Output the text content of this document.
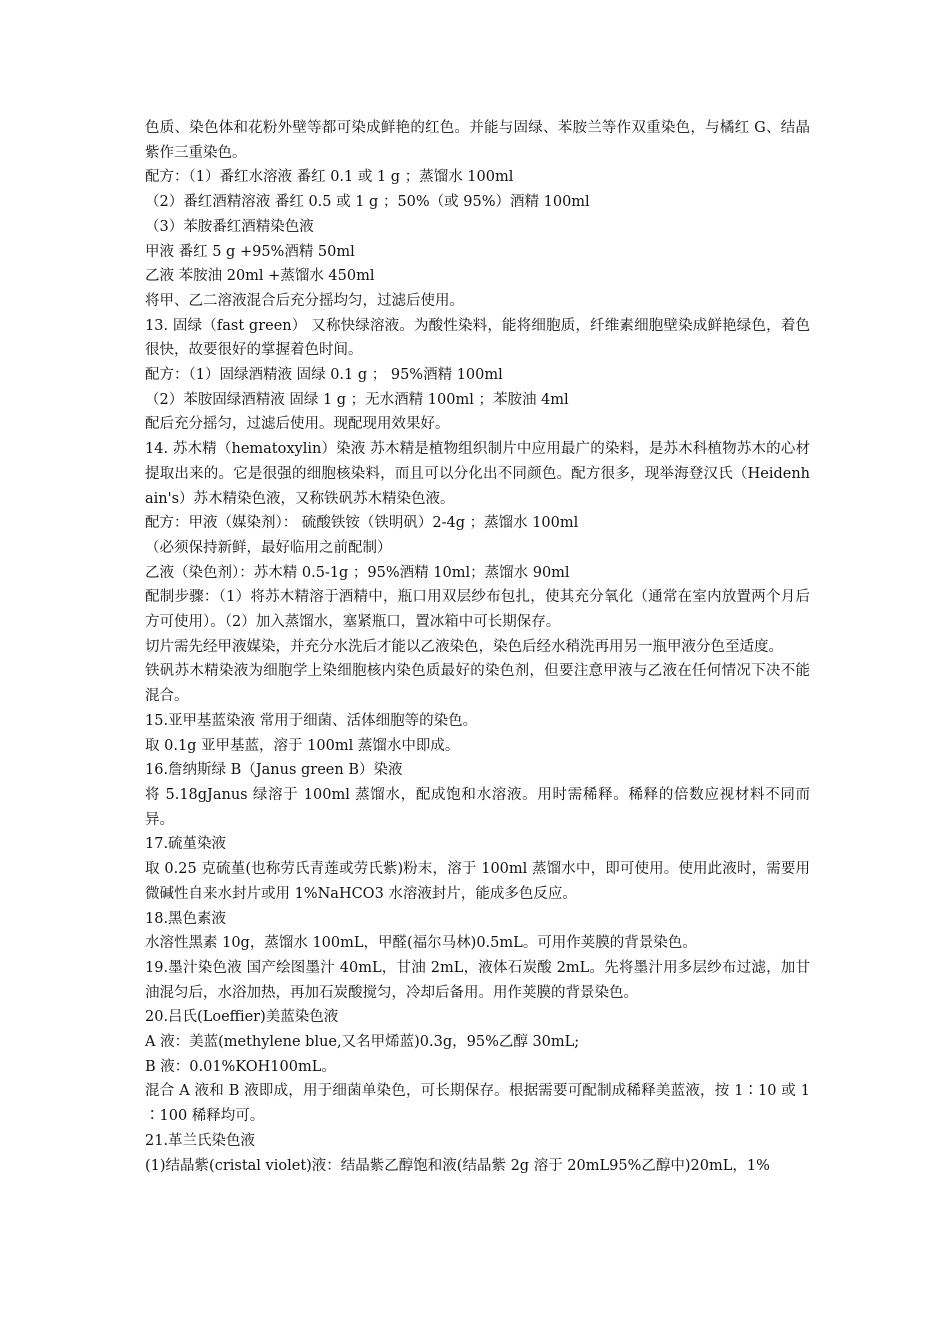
色质、染色体和花粉外壁等都可染成鲜艳的红色。并能与固绿、苯胺兰等作双重染色，与橘红 G、结晶紫作三重染色。

配方：（1）番红水溶液 番红 0.1 或 1 g ；蒸馏水 100ml

（2）番红酒精溶液 番红 0.5 或 1 g ；50%（或 95%）酒精 100ml

（3）苯胺番红酒精染色液

甲液 番红 5 g +95%酒精 50ml

乙液 苯胺油 20ml +蒸馏水 450ml

将甲、乙二溶液混合后充分摇均匀，过滤后使用。

13. 固绿（fast green） 又称快绿溶液。为酸性染料，能将细胞质，纤维素细胞壁染成鲜艳绿色，着色很快，故要很好的掌握着色时间。

配方：（1）固绿酒精液 固绿 0.1 g ； 95%酒精 100ml

（2）苯胺固绿酒精液 固绿 1 g ；无水酒精 100ml ；苯胺油 4ml

配后充分摇匀，过滤后使用。现配现用效果好。

14. 苏木精（hematoxylin）染液 苏木精是植物组织制片中应用最广的染料，是苏木科植物苏木的心材提取出来的。它是很强的细胞核染料，而且可以分化出不同颜色。配方很多，现举海登汉氏（Heidenhain's）苏木精染色液，又称铁矾苏木精染色液。

配方：甲液（媒染剂）： 硫酸铁铵（铁明矾）2-4g ；蒸馏水 100ml

（必须保持新鲜，最好临用之前配制）

乙液（染色剂）：苏木精 0.5-1g ；95%酒精 10ml；蒸馏水 90ml

配制步骤：（1）将苏木精溶于酒精中，瓶口用双层纱布包扎，使其充分氧化（通常在室内放置两个月后方可使用）。（2）加入蒸馏水，塞紧瓶口，置冰箱中可长期保存。

切片需先经甲液媒染，并充分水洗后才能以乙液染色，染色后经水稍洗再用另一瓶甲液分色至适度。

铁矾苏木精染液为细胞学上染细胞核内染色质最好的染色剂，但要注意甲液与乙液在任何情况下决不能混合。

15.亚甲基蓝染液 常用于细菌、活体细胞等的染色。

取 0.1g 亚甲基蓝，溶于 100ml 蒸馏水中即成。

16.詹纳斯绿 B（Janus green B）染液

将 5.18gJanus 绿溶于 100ml 蒸馏水，配成饱和水溶液。用时需稀释。稀释的倍数应视材料不同而异。

17.硫堇染液

取 0.25 克硫堇(也称劳氏青莲或劳氏紫)粉末，溶于 100ml 蒸馏水中，即可使用。使用此液时，需要用微碱性自来水封片或用 1%NaHCO3 水溶液封片，能成多色反应。

18.黑色素液

水溶性黑素 10g，蒸馏水 100mL，甲醛(福尔马林)0.5mL。可用作荚膜的背景染色。

19.墨汁染色液 国产绘图墨汁 40mL，甘油 2mL，液体石炭酸 2mL。先将墨汁用多层纱布过滤，加甘油混匀后，水浴加热，再加石炭酸搅匀，冷却后备用。用作荚膜的背景染色。

20.吕氏(Loeffier)美蓝染色液

A 液：美蓝(methylene blue,又名甲烯蓝)0.3g，95%乙醇 30mL;

B 液：0.01%KOH100mL。

混合 A 液和 B 液即成，用于细菌单染色，可长期保存。根据需要可配制成稀释美蓝液，按 1∶10 或 1∶100 稀释均可。

21.革兰氏染色液

(1)结晶紫(cristal violet)液：结晶紫乙醇饱和液(结晶紫 2g 溶于 20mL95%乙醇中)20mL，1%
